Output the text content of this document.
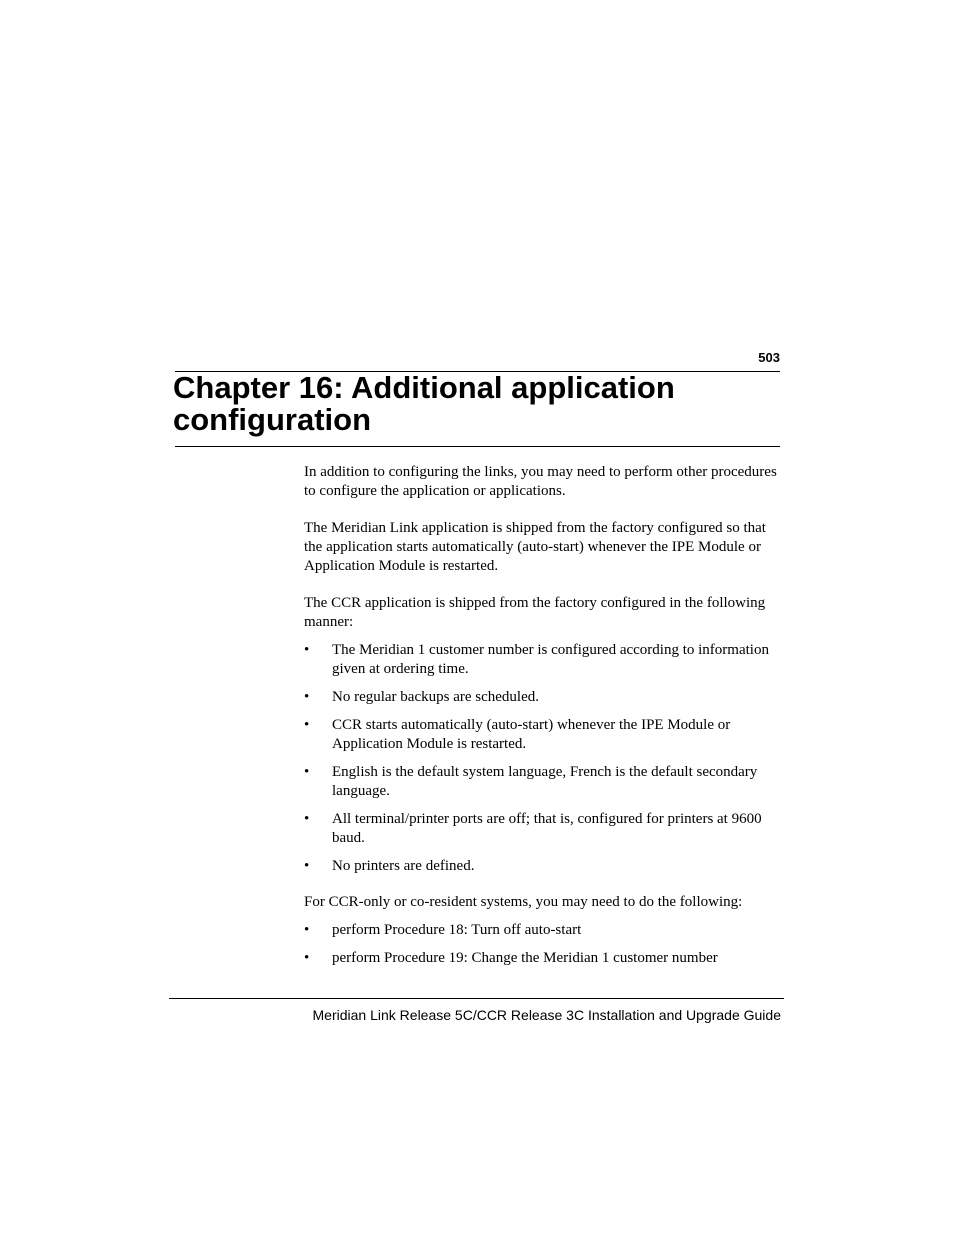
503
Chapter 16: Additional application configuration

In addition to configuring the links, you may need to perform other procedures to configure the application or applications.

The Meridian Link application is shipped from the factory configured so that the application starts automatically (auto-start) whenever the IPE Module or Application Module is restarted.

The CCR application is shipped from the factory configured in the following manner:

• The Meridian 1 customer number is configured according to information given at ordering time.
• No regular backups are scheduled.
• CCR starts automatically (auto-start) whenever the IPE Module or Application Module is restarted.
• English is the default system language, French is the default secondary language.
• All terminal/printer ports are off; that is, configured for printers at 9600 baud.
• No printers are defined.

For CCR-only or co-resident systems, you may need to do the following:

• perform Procedure 18: Turn off auto-start
• perform Procedure 19: Change the Meridian 1 customer number
Meridian Link Release 5C/CCR Release 3C Installation and Upgrade Guide
